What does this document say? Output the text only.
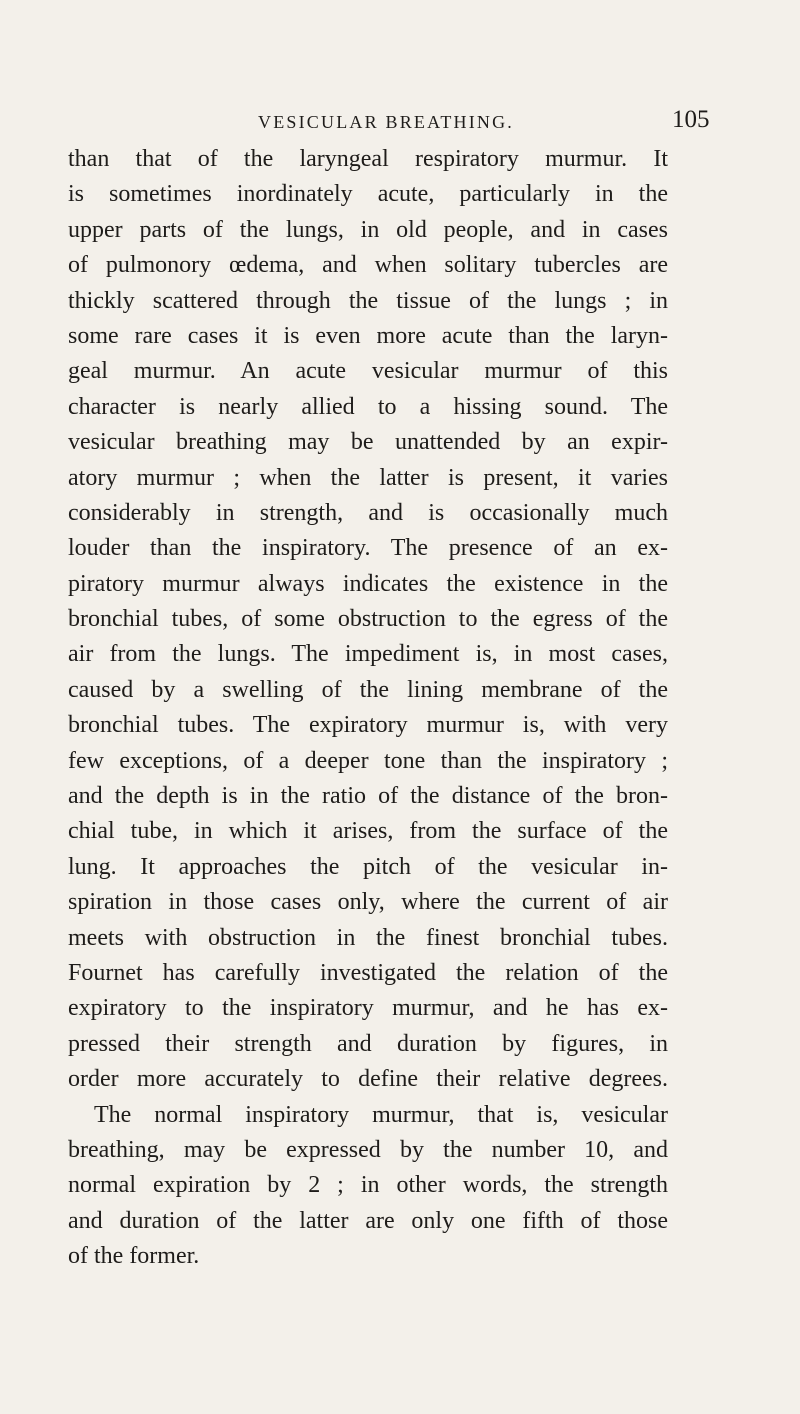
VESICULAR BREATHING.	105
than that of the laryngeal respiratory murmur. It
is sometimes inordinately acute, particularly in the
upper parts of the lungs, in old people, and in cases
of pulmonory œdema, and when solitary tubercles are
thickly scattered through the tissue of the lungs ; in
some rare cases it is even more acute than the laryn-
geal murmur. An acute vesicular murmur of this
character is nearly allied to a hissing sound. The
vesicular breathing may be unattended by an expir-
atory murmur ; when the latter is present, it varies
considerably in strength, and is occasionally much
louder than the inspiratory. The presence of an ex-
piratory murmur always indicates the existence in the
bronchial tubes, of some obstruction to the egress of the
air from the lungs. The impediment is, in most cases,
caused by a swelling of the lining membrane of the
bronchial tubes. The expiratory murmur is, with very
few exceptions, of a deeper tone than the inspiratory ;
and the depth is in the ratio of the distance of the bron-
chial tube, in which it arises, from the surface of the
lung. It approaches the pitch of the vesicular in-
spiration in those cases only, where the current of air
meets with obstruction in the finest bronchial tubes.
Fournet has carefully investigated the relation of the
expiratory to the inspiratory murmur, and he has ex-
pressed their strength and duration by figures, in
order more accurately to define their relative degrees.
The normal inspiratory murmur, that is, vesicular
breathing, may be expressed by the number 10, and
normal expiration by 2 ; in other words, the strength
and duration of the latter are only one fifth of those
of the former.
